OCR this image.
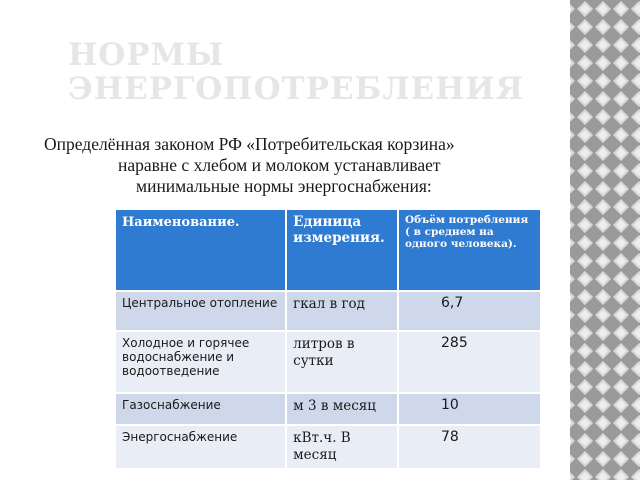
НОРМЫ ЭНЕРГОПОТРЕБЛЕНИЯ
Определённая законом РФ «Потребительская корзина»
наравне с хлебом и молоком устанавливает
минимальные нормы энергоснабжения:
Наименование.	Единица измерения.	Объём потребления ( в среднем на одного человека).
Центральное отопление	гкал в год	6,7
Холодное и горячее водоснабжение и водоотведение	литров в сутки	285
Газоснабжение	м 3 в месяц	10
Энергоснабжение	кВт.ч. В месяц	78
